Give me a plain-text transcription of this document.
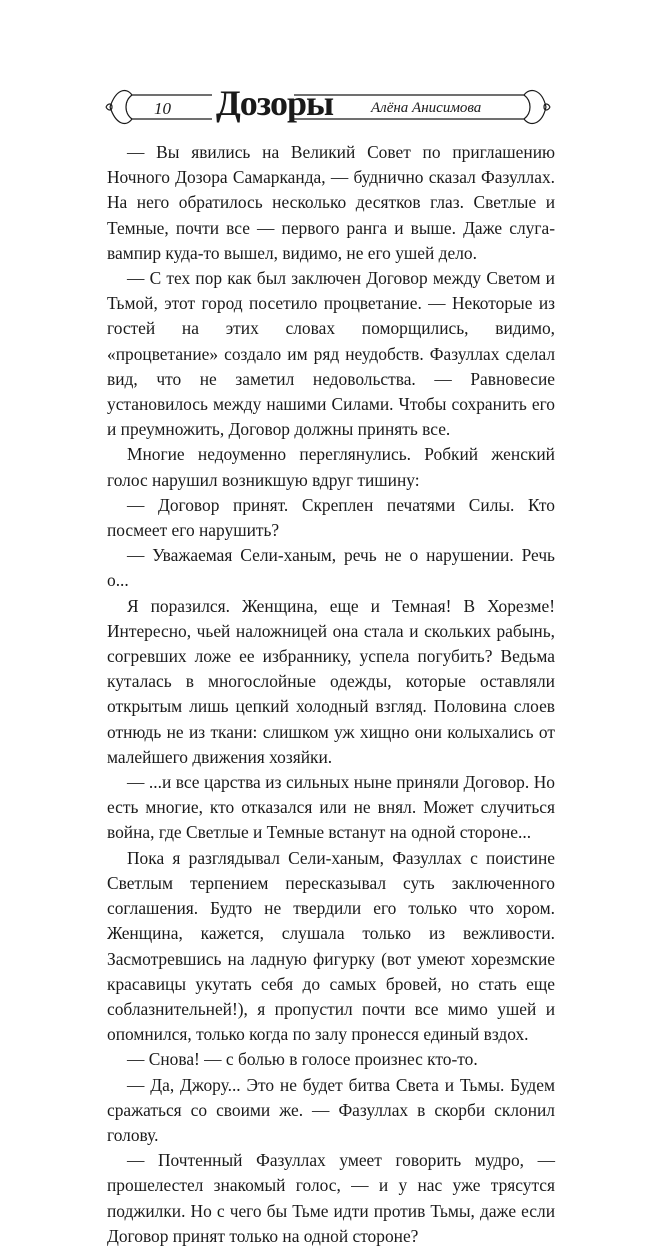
10 Дозоры	Алёна Анисимова

— Вы явились на Великий Совет по приглашению Ночного Дозора Самарканда, — буднично сказал Фазуллах. На него обратилось несколько десятков глаз. Светлые и Темные, почти все — первого ранга и выше. Даже слуга-вампир куда-то вышел, видимо, не его ушей дело.

— С тех пор как был заключен Договор между Светом и Тьмой, этот город посетило процветание. — Некоторые из гостей на этих словах поморщились, видимо, «процветание» создало им ряд неудобств. Фазуллах сделал вид, что не заметил недовольства. — Равновесие установилось между нашими Силами. Чтобы сохранить его и преумножить, Договор должны принять все.

Многие недоуменно переглянулись. Робкий женский голос нарушил возникшую вдруг тишину:

— Договор принят. Скреплен печатями Силы. Кто посмеет его нарушить?

— Уважаемая Сели-ханым, речь не о нарушении. Речь о...

Я поразился. Женщина, еще и Темная! В Хорезме! Интересно, чьей наложницей она стала и скольких рабынь, согревших ложе ее избраннику, успела погубить? Ведьма куталась в многослойные одежды, которые оставляли открытым лишь цепкий холодный взгляд. Половина слоев отнюдь не из ткани: слишком уж хищно они колыхались от малейшего движения хозяйки.

— ...и все царства из сильных ныне приняли Договор. Но есть многие, кто отказался или не внял. Может случиться война, где Светлые и Темные встанут на одной стороне...

Пока я разглядывал Сели-ханым, Фазуллах с поистине Светлым терпением пересказывал суть заключенного соглашения. Будто не твердили его только что хором. Женщина, кажется, слушала только из вежливости. Засмотревшись на ладную фигурку (вот умеют хорезмские красавицы укутать себя до самых бровей, но стать еще соблазнительней!), я пропустил почти все мимо ушей и опомнился, только когда по залу пронесся единый вздох.

— Снова! — с болью в голосе произнес кто-то.

— Да, Джору... Это не будет битва Света и Тьмы. Будем сражаться со своими же. — Фазуллах в скорби склонил голову.

— Почтенный Фазуллах умеет говорить мудро, — прошелестел знакомый голос, — и у нас уже трясутся поджилки. Но с чего бы Тьме идти против Тьмы, даже если Договор принят только на одной стороне?
